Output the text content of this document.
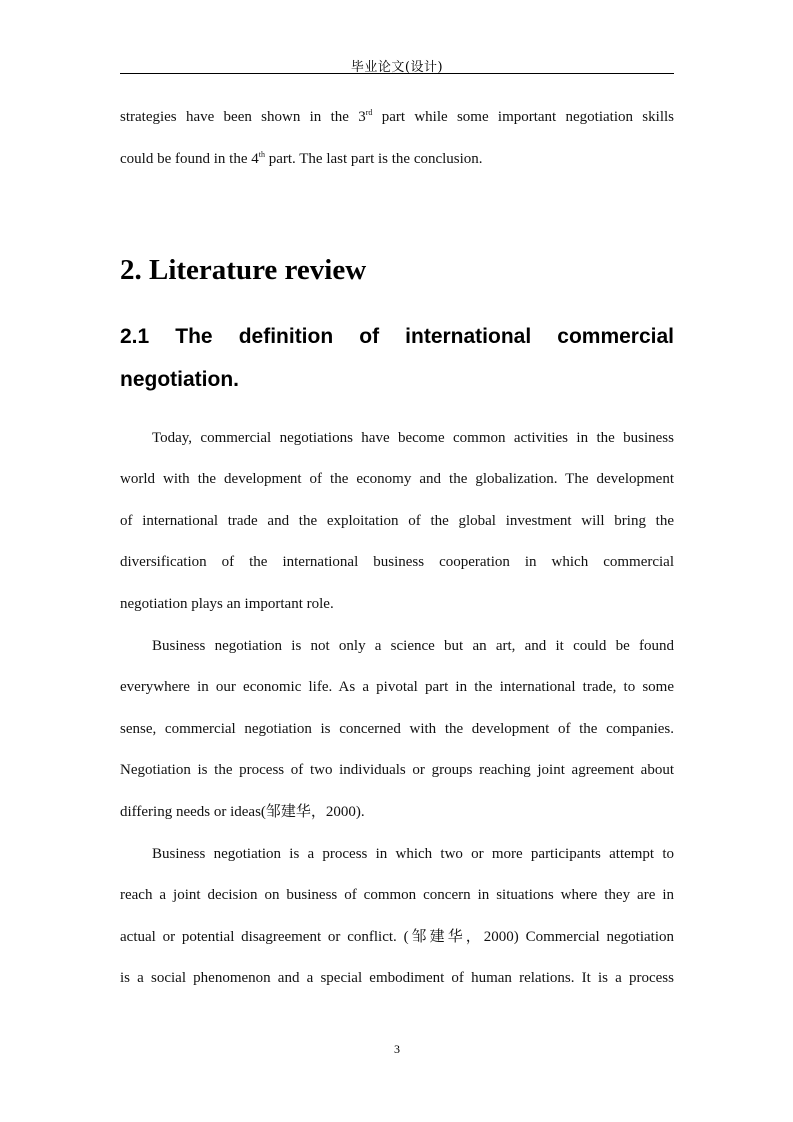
毕业论文(设计)
strategies have been shown in the 3rd part while some important negotiation skills
could be found in the 4th part. The last part is the conclusion.
2. Literature review
2.1 The definition of international commercial
negotiation.
Today, commercial negotiations have become common activities in the business
world with the development of the economy and the globalization. The development
of international trade and the exploitation of the global investment will bring the
diversification of the international business cooperation in which commercial
negotiation plays an important role.
Business negotiation is not only a science but an art, and it could be found
everywhere in our economic life. As a pivotal part in the international trade, to some
sense, commercial negotiation is concerned with the development of the companies.
Negotiation is the process of two individuals or groups reaching joint agreement about
differing needs or ideas(邹建华，2000).
Business negotiation is a process in which two or more participants attempt to
reach a joint decision on business of common concern in situations where they are in
actual or potential disagreement or conflict. (邹建华，2000) Commercial negotiation
is a social phenomenon and a special embodiment of human relations. It is a process
3
